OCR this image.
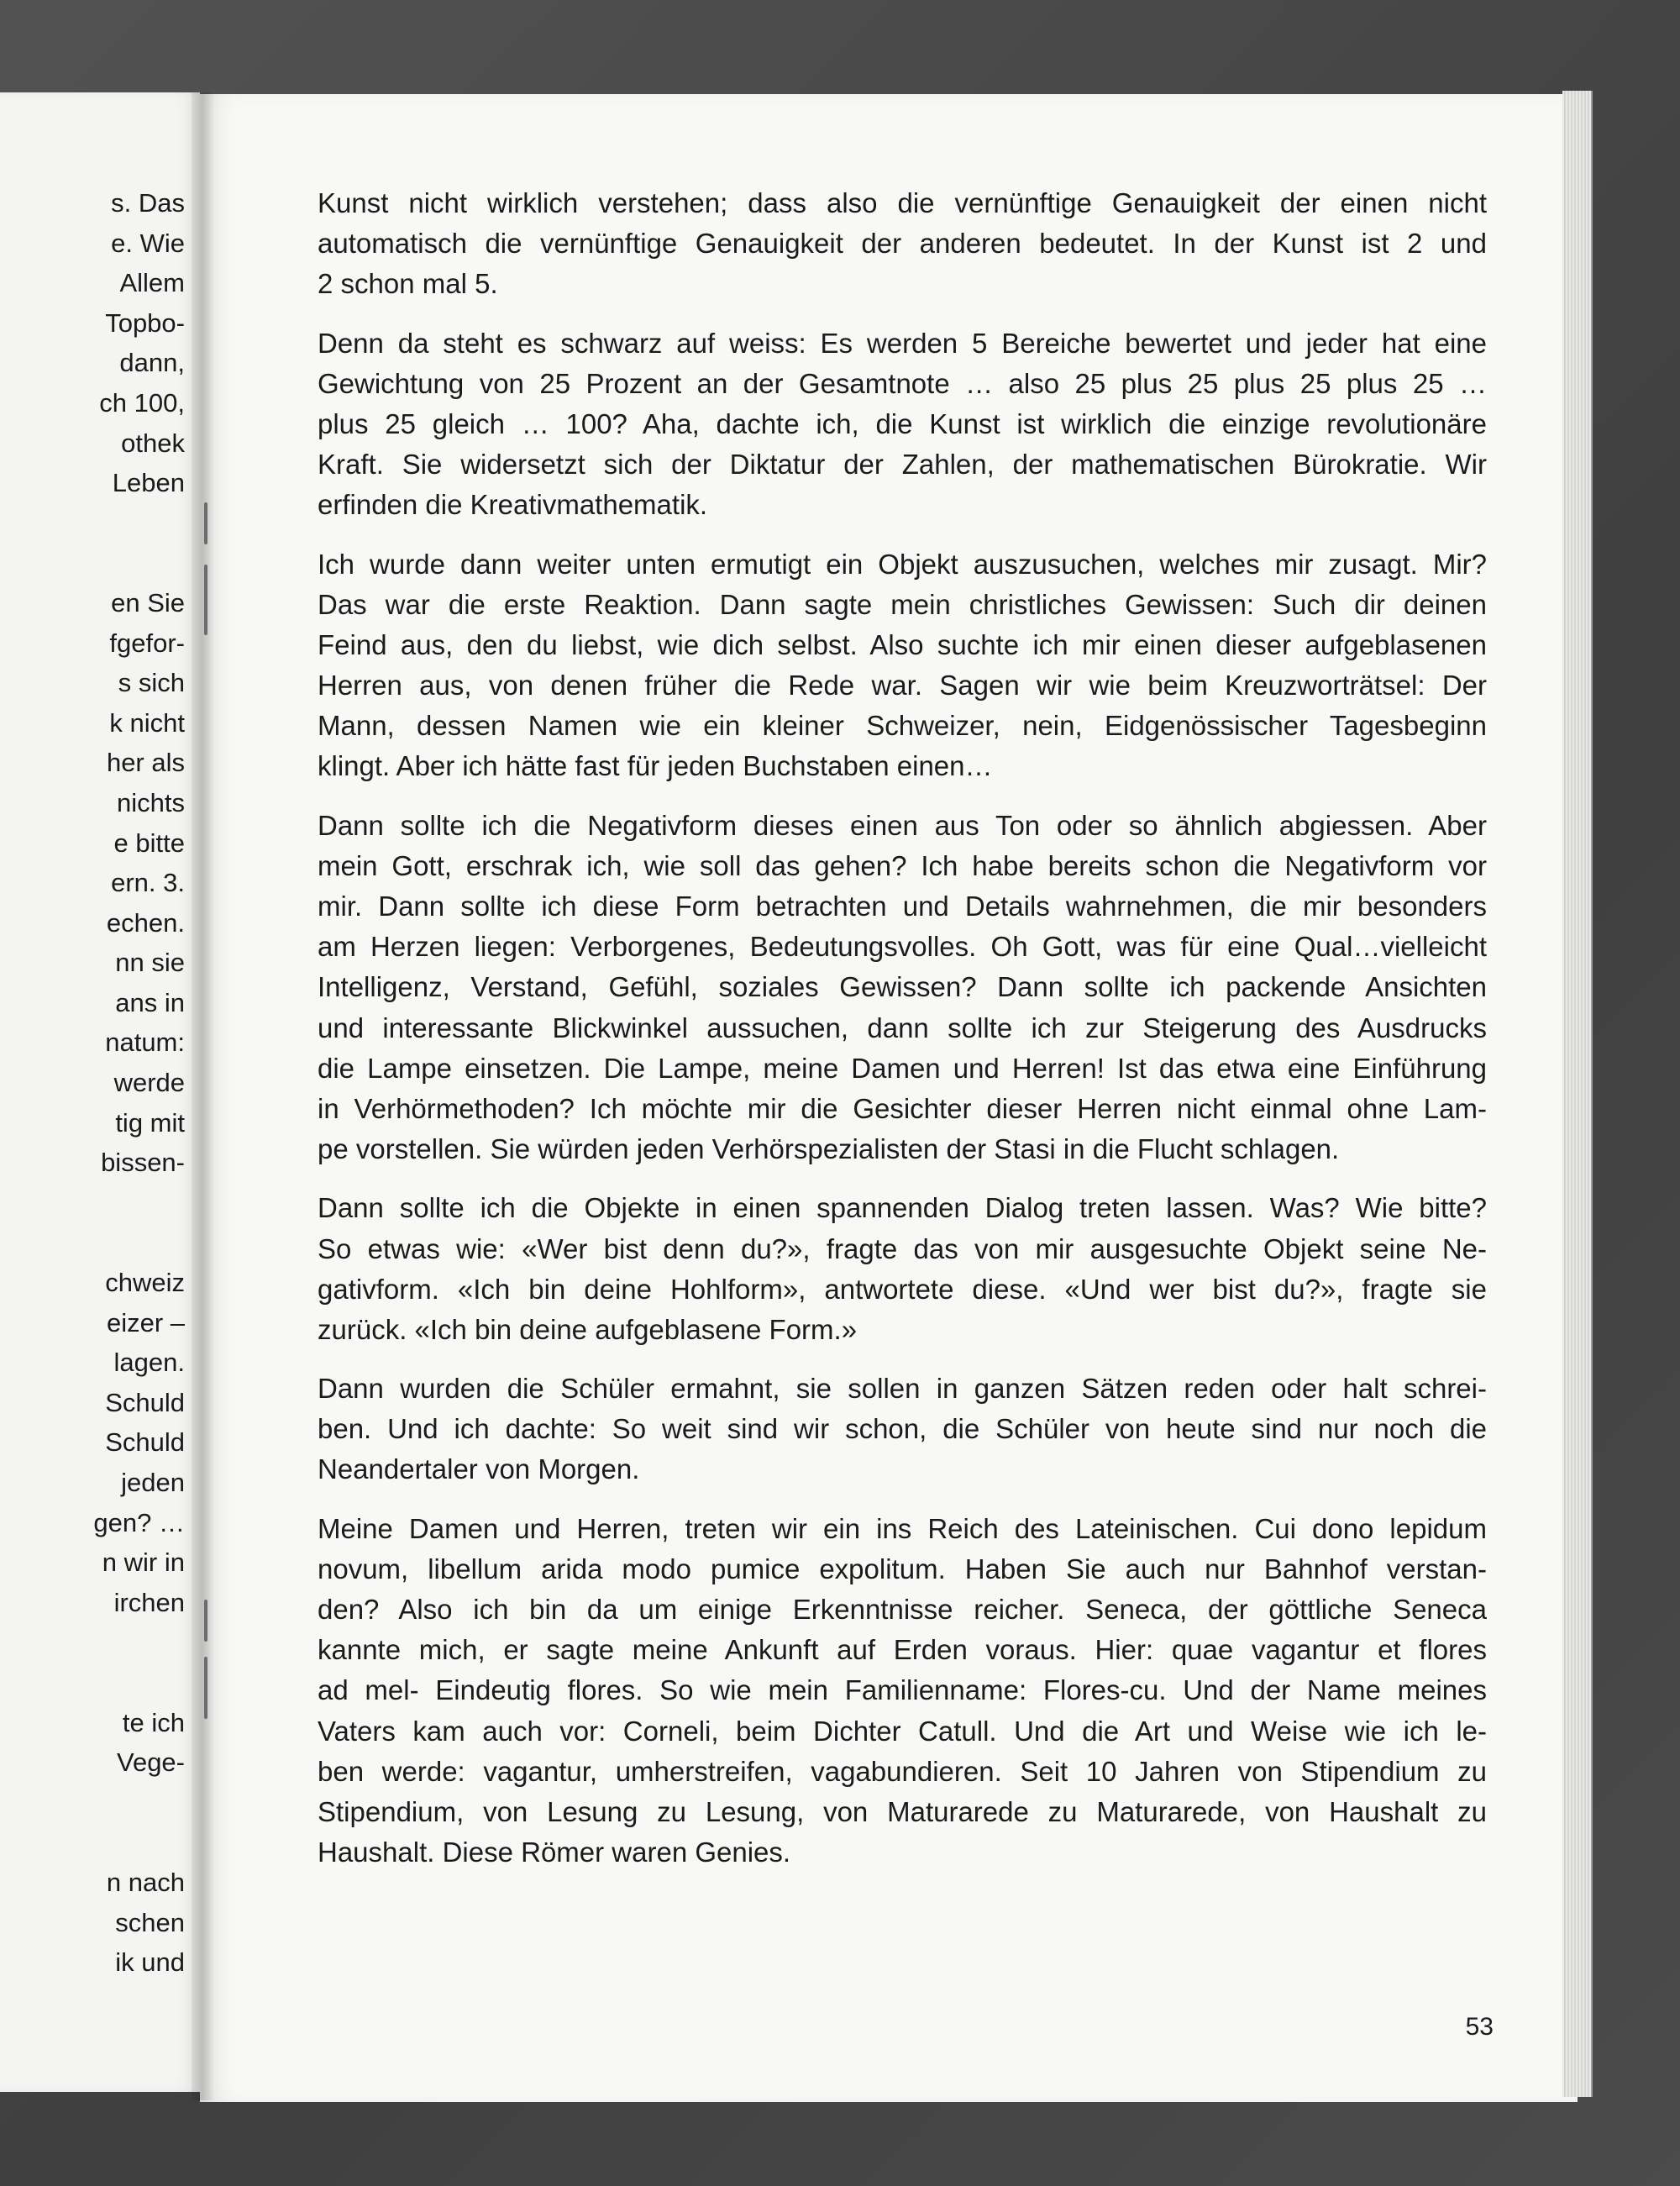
s. Das
e. Wie
Allem
Topbo-
dann,
ch 100,
othek
Leben
en Sie
fgefor-
s sich
k nicht
her als
nichts
e bitte
ern. 3.
echen.
nn sie
ans in
natum:
werde
tig mit
bissen-
chweiz
eizer –
lagen.
Schuld
Schuld
jeden
gen? …
n wir in
irchen
te ich
Vege-
n nach
schen
ik und

Kunst nicht wirklich verstehen; dass also die vernünftige Genauigkeit der einen nicht
automatisch die vernünftige Genauigkeit der anderen bedeutet. In der Kunst ist 2 und
2 schon mal 5.

Denn da steht es schwarz auf weiss: Es werden 5 Bereiche bewertet und jeder hat eine
Gewichtung von 25 Prozent an der Gesamtnote … also 25 plus 25 plus 25 plus 25 …
plus 25 gleich … 100? Aha, dachte ich, die Kunst ist wirklich die einzige revolutionäre
Kraft. Sie widersetzt sich der Diktatur der Zahlen, der mathematischen Bürokratie. Wir
erfinden die Kreativmathematik.

Ich wurde dann weiter unten ermutigt ein Objekt auszusuchen, welches mir zusagt. Mir?
Das war die erste Reaktion. Dann sagte mein christliches Gewissen: Such dir deinen
Feind aus, den du liebst, wie dich selbst. Also suchte ich mir einen dieser aufgeblasenen
Herren aus, von denen früher die Rede war. Sagen wir wie beim Kreuzworträtsel: Der
Mann, dessen Namen wie ein kleiner Schweizer, nein, Eidgenössischer Tagesbeginn
klingt. Aber ich hätte fast für jeden Buchstaben einen…

Dann sollte ich die Negativform dieses einen aus Ton oder so ähnlich abgiessen. Aber
mein Gott, erschrak ich, wie soll das gehen? Ich habe bereits schon die Negativform vor
mir. Dann sollte ich diese Form betrachten und Details wahrnehmen, die mir besonders
am Herzen liegen: Verborgenes, Bedeutungsvolles. Oh Gott, was für eine Qual…vielleicht
Intelligenz, Verstand, Gefühl, soziales Gewissen? Dann sollte ich packende Ansichten
und interessante Blickwinkel aussuchen, dann sollte ich zur Steigerung des Ausdrucks
die Lampe einsetzen. Die Lampe, meine Damen und Herren! Ist das etwa eine Einführung
in Verhörmethoden? Ich möchte mir die Gesichter dieser Herren nicht einmal ohne Lam-
pe vorstellen. Sie würden jeden Verhörspezialisten der Stasi in die Flucht schlagen.

Dann sollte ich die Objekte in einen spannenden Dialog treten lassen. Was? Wie bitte?
So etwas wie: «Wer bist denn du?», fragte das von mir ausgesuchte Objekt seine Ne-
gativform. «Ich bin deine Hohlform», antwortete diese. «Und wer bist du?», fragte sie
zurück. «Ich bin deine aufgeblasene Form.»

Dann wurden die Schüler ermahnt, sie sollen in ganzen Sätzen reden oder halt schrei-
ben. Und ich dachte: So weit sind wir schon, die Schüler von heute sind nur noch die
Neandertaler von Morgen.

Meine Damen und Herren, treten wir ein ins Reich des Lateinischen. Cui dono lepidum
novum, libellum arida modo pumice expolitum. Haben Sie auch nur Bahnhof verstan-
den? Also ich bin da um einige Erkenntnisse reicher. Seneca, der göttliche Seneca
kannte mich, er sagte meine Ankunft auf Erden voraus. Hier: quae vagantur et flores
ad mel- Eindeutig flores. So wie mein Familienname: Flores-cu. Und der Name meines
Vaters kam auch vor: Corneli, beim Dichter Catull. Und die Art und Weise wie ich le-
ben werde: vagantur, umherstreifen, vagabundieren. Seit 10 Jahren von Stipendium zu
Stipendium, von Lesung zu Lesung, von Maturarede zu Maturarede, von Haushalt zu
Haushalt. Diese Römer waren Genies.

53
